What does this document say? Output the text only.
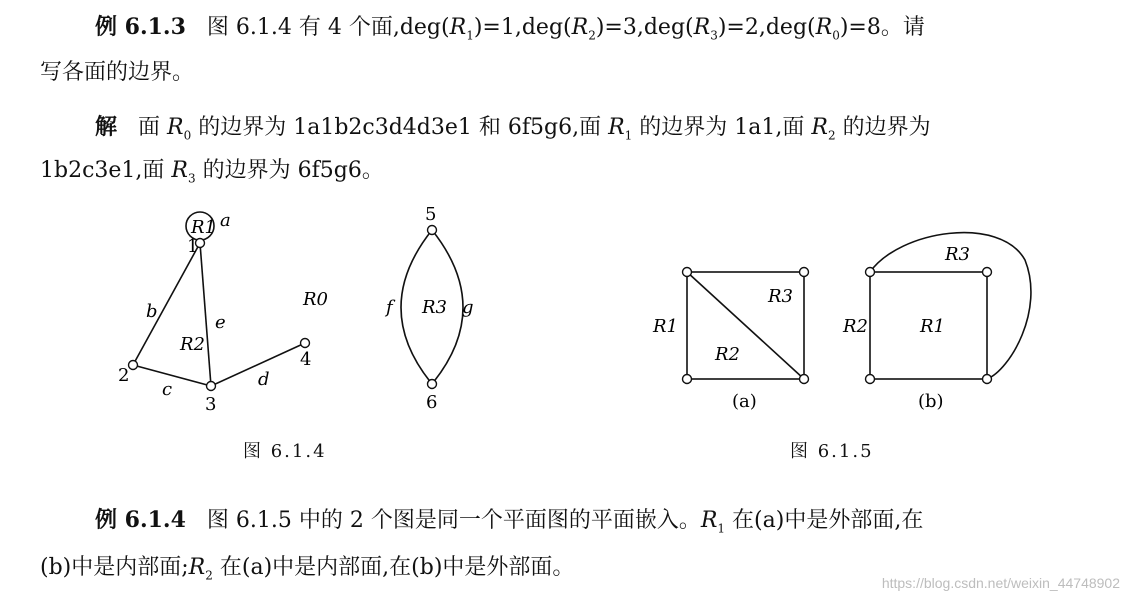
例 6.1.3 图 6.1.4 有 4 个面$,deg(R_1)=1,deg(R_2)=3,deg(R_3)=2,deg(R_0)=8$。请
写各面的边界。
解 面 $R_0$ 的边界为 1a1b2c3d4d3e1 和 6f5g6,面 $R_1$ 的边界为 1a1,面 $R_2$ 的边界为
1b2c3e1,面 $R_3$ 的边界为 6f5g6。
R1 a
1
b
2
c
3
e
R2
d
4
R0
5
f R3 g
6
图 6.1.4
R1
R2
R3
(a)
R2	R1
R3
(b)
图 6.1.5
例 6.1.4 图 6.1.5 中的 2 个图是同一个平面图的平面嵌入。$R_1$ 在(a)中是外部面,在
(b)中是内部面$;R_2$ 在(a)中是内部面,在(b)中是外部面。
https://blog.csdn.net/weixin_44748902
